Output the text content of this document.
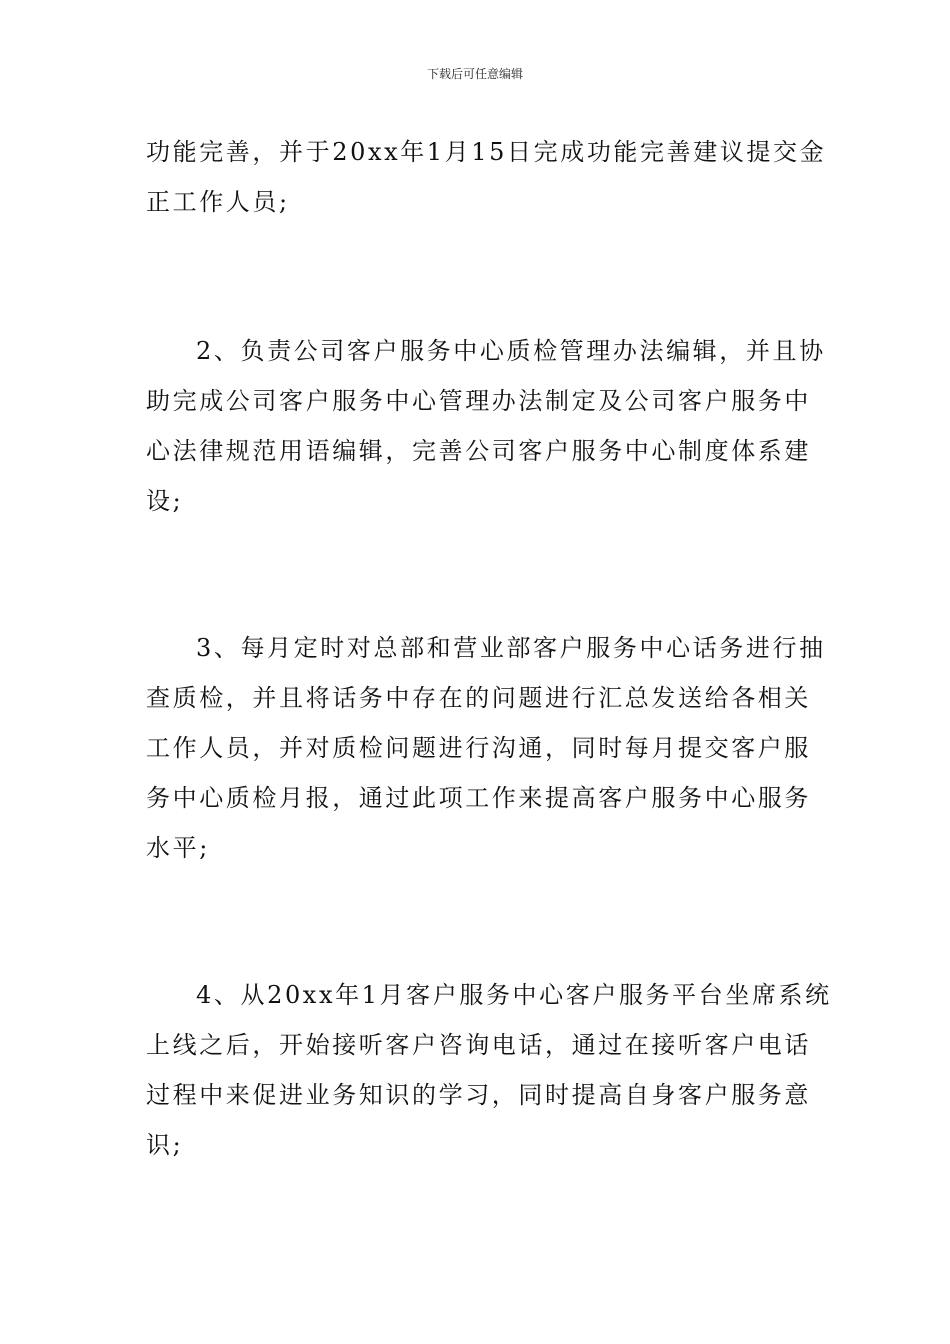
下载后可任意编辑
功能完善，并于20xx年1月15日完成功能完善建议提交金
正工作人员;
2、负责公司客户服务中心质检管理办法编辑，并且协
助完成公司客户服务中心管理办法制定及公司客户服务中
心法律规范用语编辑，完善公司客户服务中心制度体系建
设;
3、每月定时对总部和营业部客户服务中心话务进行抽
查质检，并且将话务中存在的问题进行汇总发送给各相关
工作人员，并对质检问题进行沟通，同时每月提交客户服
务中心质检月报，通过此项工作来提高客户服务中心服务
水平;
4、从20xx年1月客户服务中心客户服务平台坐席系统
上线之后，开始接听客户咨询电话，通过在接听客户电话
过程中来促进业务知识的学习，同时提高自身客户服务意
识;
